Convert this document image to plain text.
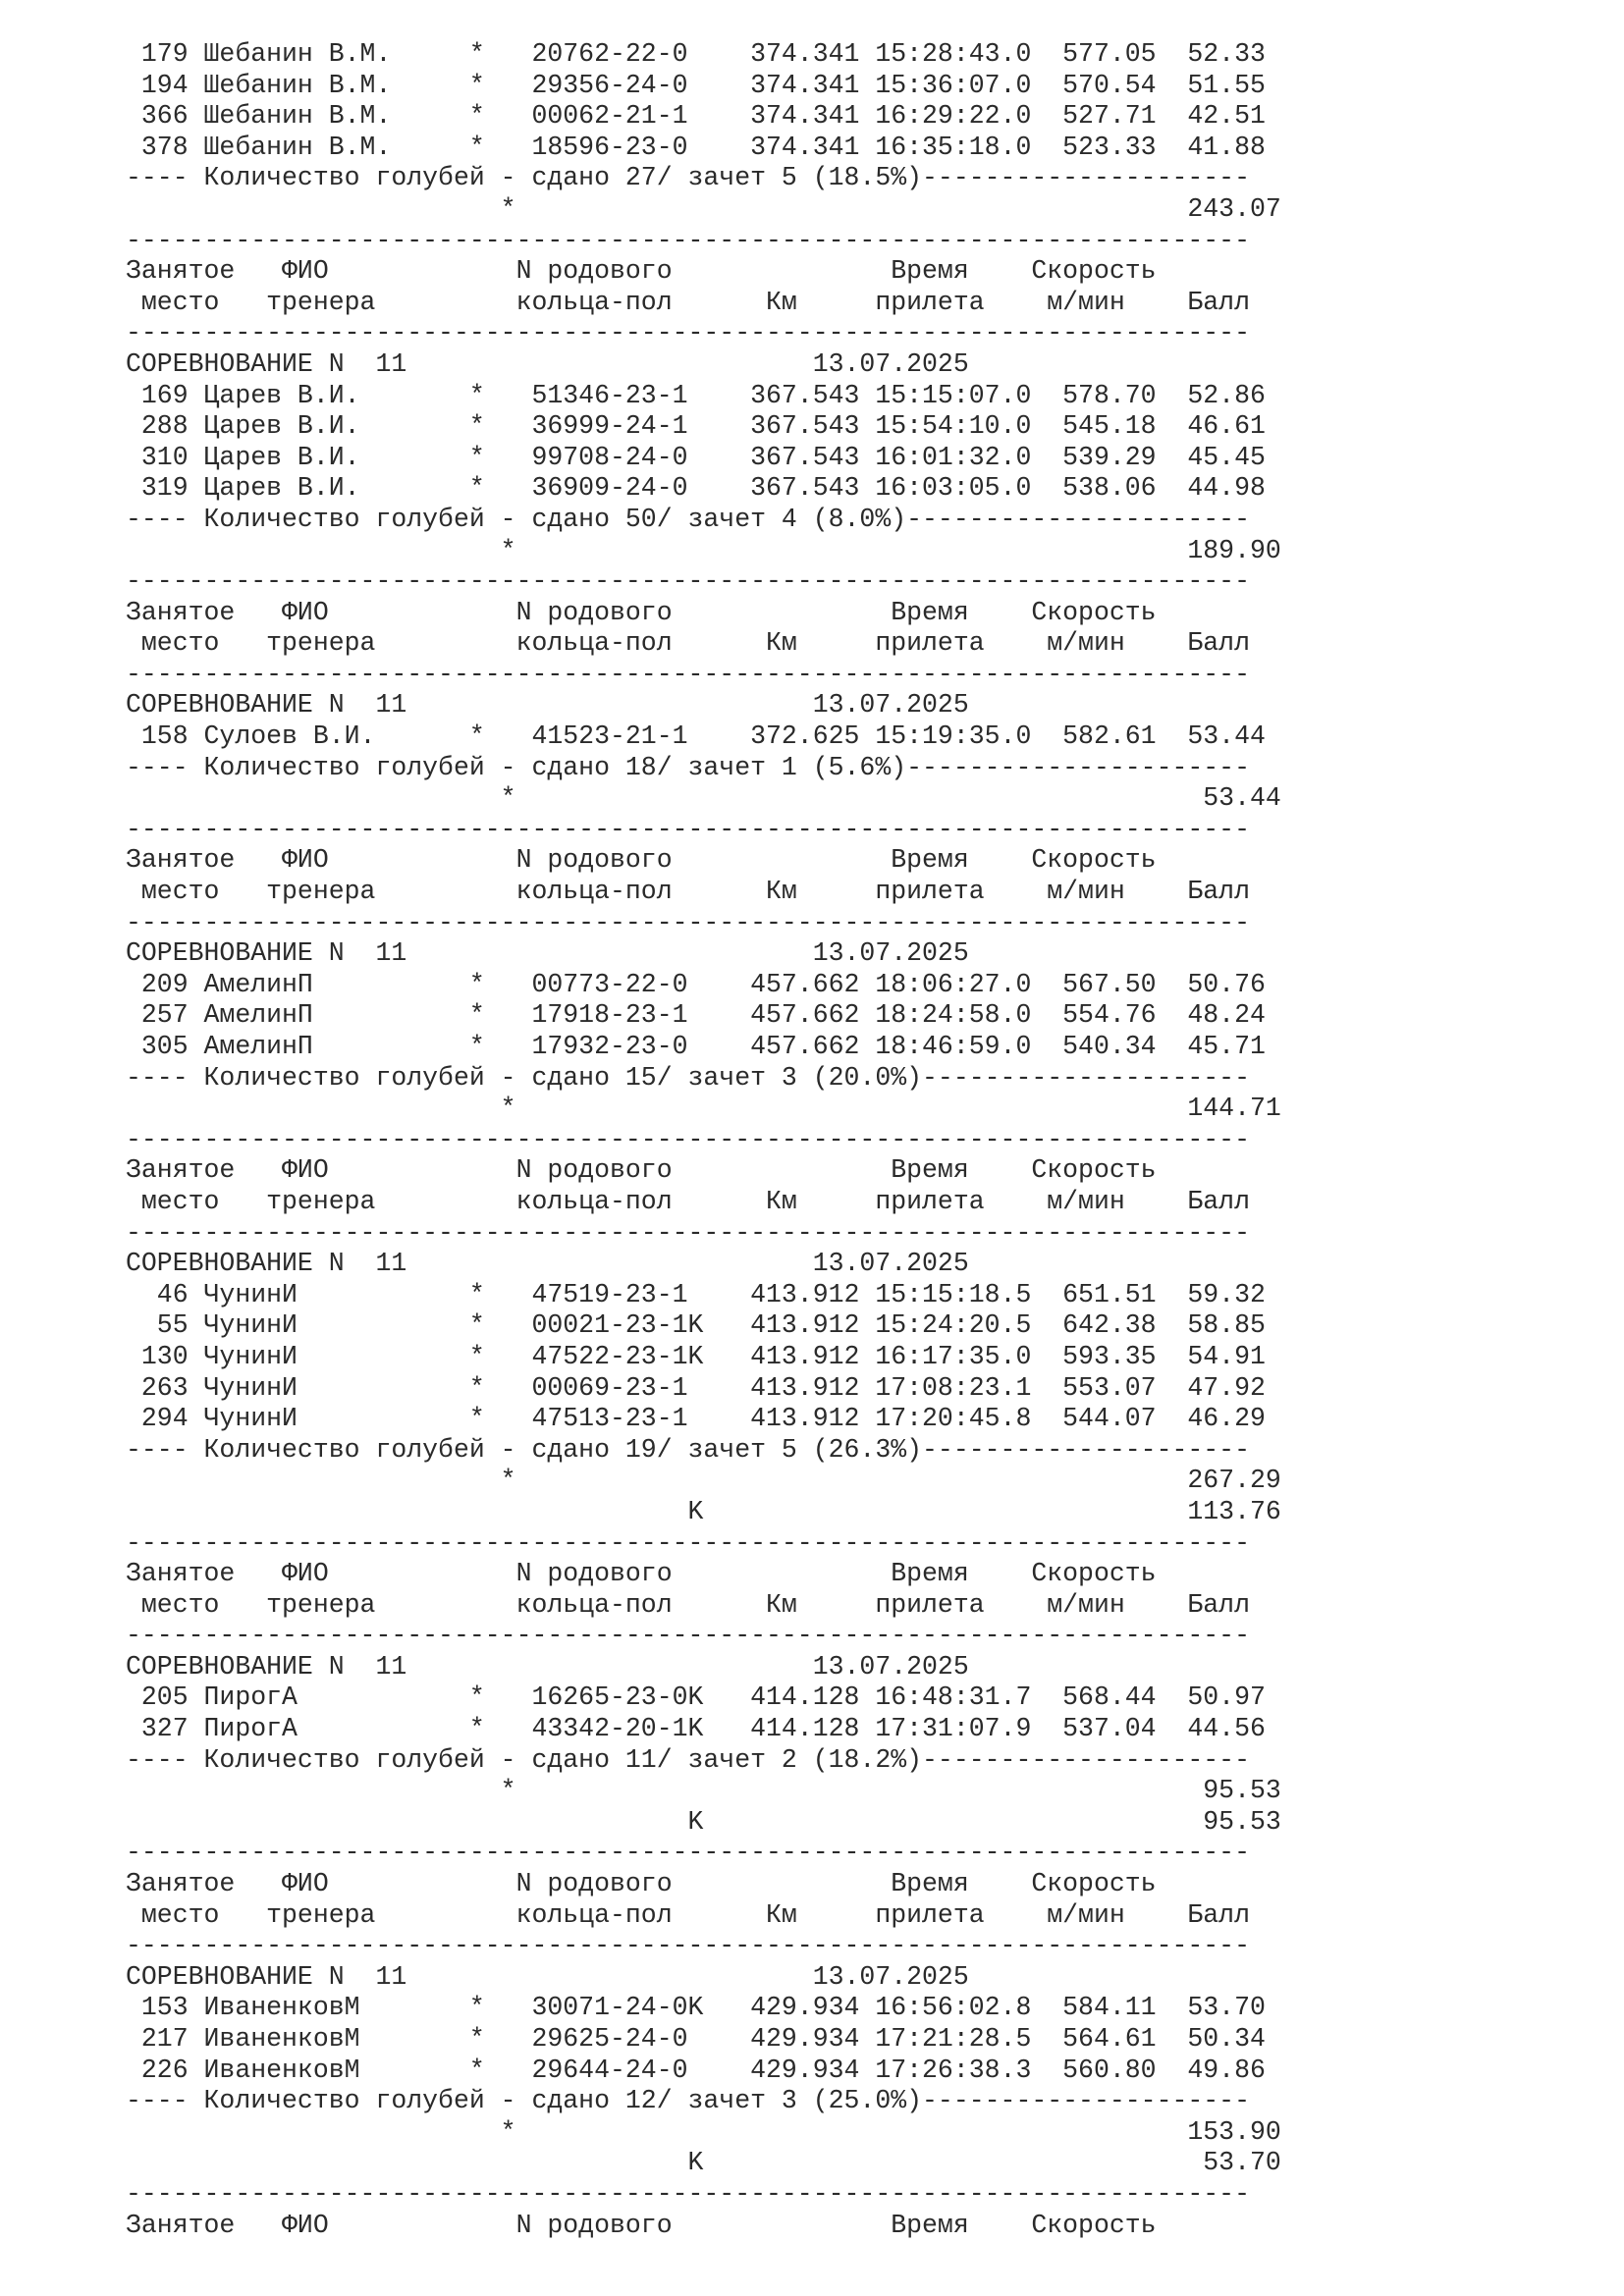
179 Шебанин В.М.     *   20762-22-0    374.341 15:28:43.0  577.05  52.33
194 Шебанин В.М.     *   29356-24-0    374.341 15:36:07.0  570.54  51.55
366 Шебанин В.М.     *   00062-21-1    374.341 16:29:22.0  527.71  42.51
378 Шебанин В.М.     *   18596-23-0    374.341 16:35:18.0  523.33  41.88
---- Количество голубей - сдано 27/ зачет 5 (18.5%)---------------------
*                                           243.07
------------------------------------------------------------------------
Занятое   ФИО            N родового              Время    Скорость
место   тренера         кольца-пол      Км     прилета    м/мин    Балл
------------------------------------------------------------------------
СОРЕВНОВАНИЕ N  11                          13.07.2025
169 Царев В.И.       *   51346-23-1    367.543 15:15:07.0  578.70  52.86
288 Царев В.И.       *   36999-24-1    367.543 15:54:10.0  545.18  46.61
310 Царев В.И.       *   99708-24-0    367.543 16:01:32.0  539.29  45.45
319 Царев В.И.       *   36909-24-0    367.543 16:03:05.0  538.06  44.98
---- Количество голубей - сдано 50/ зачет 4 (8.0%)----------------------
*                                           189.90
------------------------------------------------------------------------
Занятое   ФИО            N родового              Время    Скорость
место   тренера         кольца-пол      Км     прилета    м/мин    Балл
------------------------------------------------------------------------
СОРЕВНОВАНИЕ N  11                          13.07.2025
158 Сулоев В.И.      *   41523-21-1    372.625 15:19:35.0  582.61  53.44
---- Количество голубей - сдано 18/ зачет 1 (5.6%)----------------------
*                                            53.44
------------------------------------------------------------------------
Занятое   ФИО            N родового              Время    Скорость
место   тренера         кольца-пол      Км     прилета    м/мин    Балл
------------------------------------------------------------------------
СОРЕВНОВАНИЕ N  11                          13.07.2025
209 АмелинП          *   00773-22-0    457.662 18:06:27.0  567.50  50.76
257 АмелинП          *   17918-23-1    457.662 18:24:58.0  554.76  48.24
305 АмелинП          *   17932-23-0    457.662 18:46:59.0  540.34  45.71
---- Количество голубей - сдано 15/ зачет 3 (20.0%)---------------------
*                                           144.71
------------------------------------------------------------------------
Занятое   ФИО            N родового              Время    Скорость
место   тренера         кольца-пол      Км     прилета    м/мин    Балл
------------------------------------------------------------------------
СОРЕВНОВАНИЕ N  11                          13.07.2025
46 ЧунинИ           *   47519-23-1    413.912 15:15:18.5  651.51  59.32
55 ЧунинИ           *   00021-23-1K   413.912 15:24:20.5  642.38  58.85
130 ЧунинИ           *   47522-23-1K   413.912 16:17:35.0  593.35  54.91
263 ЧунинИ           *   00069-23-1    413.912 17:08:23.1  553.07  47.92
294 ЧунинИ           *   47513-23-1    413.912 17:20:45.8  544.07  46.29
---- Количество голубей - сдано 19/ зачет 5 (26.3%)---------------------
*                                           267.29
K                               113.76
------------------------------------------------------------------------
Занятое   ФИО            N родового              Время    Скорость
место   тренера         кольца-пол      Км     прилета    м/мин    Балл
------------------------------------------------------------------------
СОРЕВНОВАНИЕ N  11                          13.07.2025
205 ПирогА           *   16265-23-0K   414.128 16:48:31.7  568.44  50.97
327 ПирогА           *   43342-20-1K   414.128 17:31:07.9  537.04  44.56
---- Количество голубей - сдано 11/ зачет 2 (18.2%)---------------------
*                                            95.53
K                                95.53
------------------------------------------------------------------------
Занятое   ФИО            N родового              Время    Скорость
место   тренера         кольца-пол      Км     прилета    м/мин    Балл
------------------------------------------------------------------------
СОРЕВНОВАНИЕ N  11                          13.07.2025
153 ИваненковМ       *   30071-24-0K   429.934 16:56:02.8  584.11  53.70
217 ИваненковМ       *   29625-24-0    429.934 17:21:28.5  564.61  50.34
226 ИваненковМ       *   29644-24-0    429.934 17:26:38.3  560.80  49.86
---- Количество голубей - сдано 12/ зачет 3 (25.0%)---------------------
*                                           153.90
K                                53.70
------------------------------------------------------------------------
Занятое   ФИО            N родового              Время    Скорость
